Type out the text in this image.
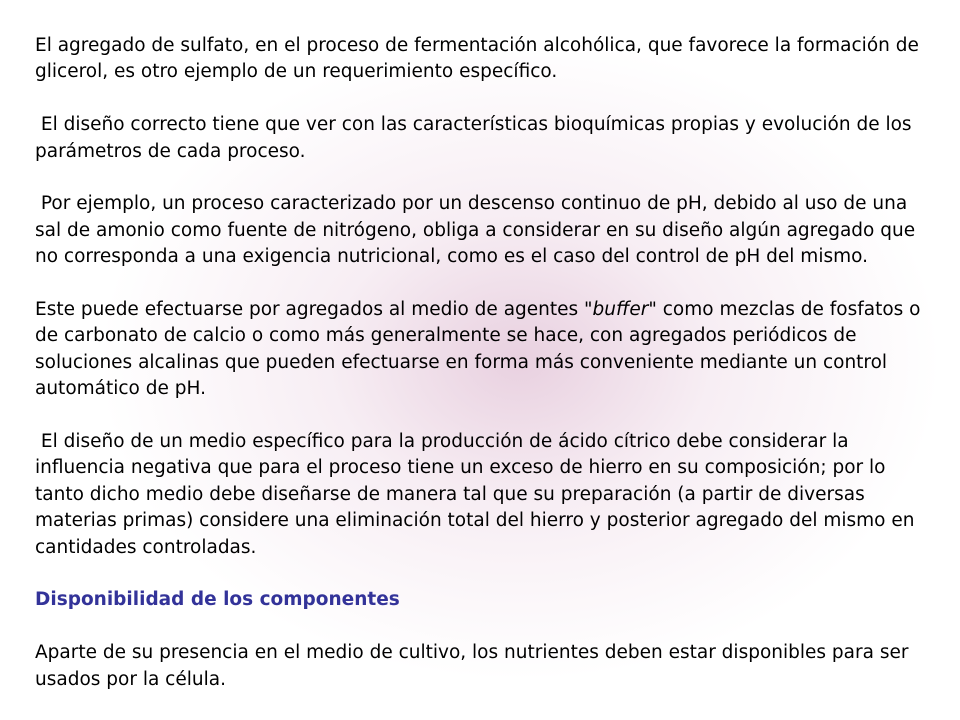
El agregado de sulfato, en el proceso de fermentación alcohólica, que favorece la formación de glicerol, es otro ejemplo de un requerimiento específico.

El diseño correcto tiene que ver con las características bioquímicas propias y evolución de los parámetros de cada proceso.

Por ejemplo, un proceso caracterizado por un descenso continuo de pH, debido al uso de una sal de amonio como fuente de nitrógeno, obliga a considerar en su diseño algún agregado que no corresponda a una exigencia nutricional, como es el caso del control de pH del mismo.

Este puede efectuarse por agregados al medio de agentes "buffer" como mezclas de fosfatos o de carbonato de calcio o como más generalmente se hace, con agregados periódicos de soluciones alcalinas que pueden efectuarse en forma más conveniente mediante un control automático de pH.

El diseño de un medio específico para la producción de ácido cítrico debe considerar la influencia negativa que para el proceso tiene un exceso de hierro en su composición; por lo tanto dicho medio debe diseñarse de manera tal que su preparación (a partir de diversas materias primas) considere una eliminación total del hierro y posterior agregado del mismo en cantidades controladas.

Disponibilidad de los componentes

Aparte de su presencia en el medio de cultivo, los nutrientes deben estar disponibles para ser usados por la célula.
